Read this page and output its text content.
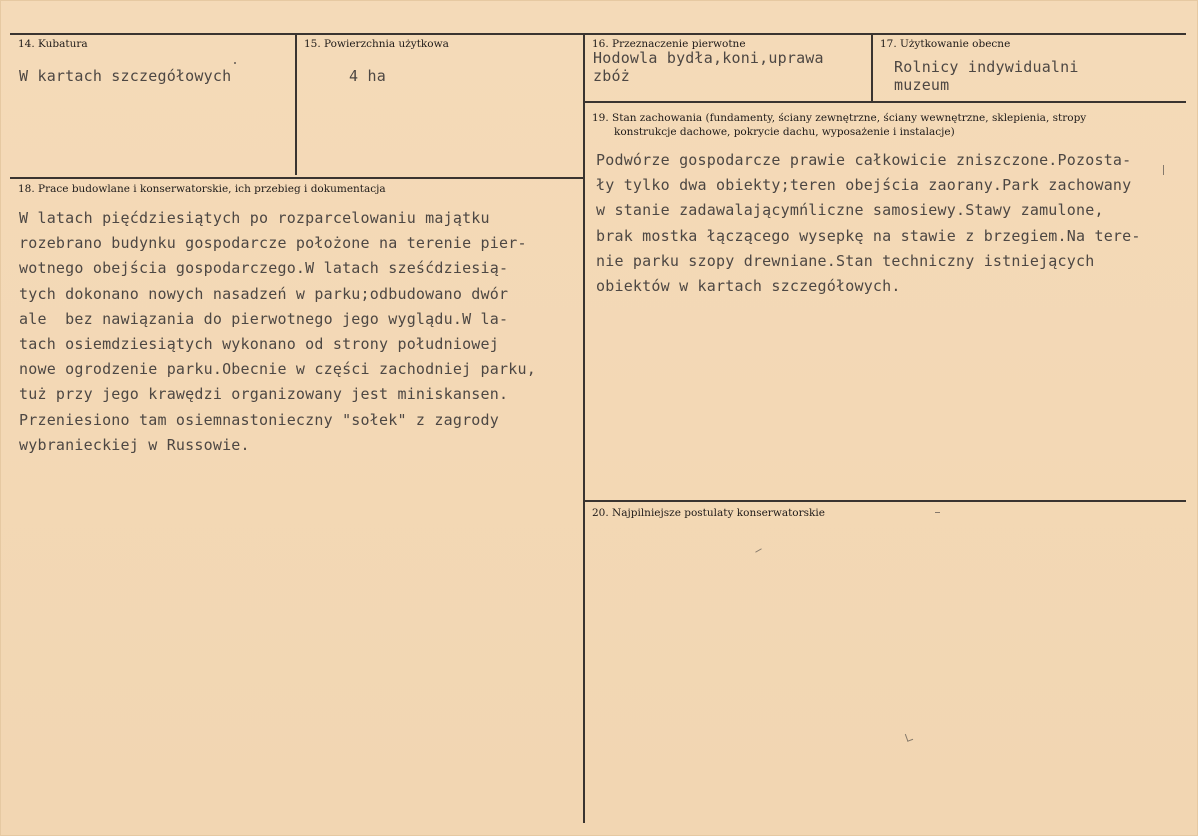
14. Kubatura
W kartach szczegółowych
15. Powierzchnia użytkowa
4 ha
16. Przeznaczenie pierwotne
Hodowla bydła,koni,uprawa
zbóż
17. Użytkowanie obecne
Rolnicy indywidualni
muzeum
18. Prace budowlane i konserwatorskie, ich przebieg i dokumentacja
W latach pięćdziesiątych po rozparcelowaniu majątku
rozebrano budynku gospodarcze położone na terenie pier-
wotnego obejścia gospodarczego.W latach sześćdziesią-
tych dokonano nowych nasadzeń w parku;odbudowano dwór
ale  bez nawiązania do pierwotnego jego wyglądu.W la-
tach osiemdziesiątych wykonano od strony południowej
nowe ogrodzenie parku.Obecnie w części zachodniej parku,
tuż przy jego krawędzi organizowany jest miniskansen.
Przeniesiono tam osiemnastonieczny "sołek" z zagrody
wybranieckiej w Russowie.
19. Stan zachowania (fundamenty, ściany zewnętrzne, ściany wewnętrzne, sklepienia, stropy
konstrukcje dachowe, pokrycie dachu, wyposażenie i instalacje)
Podwórze gospodarcze prawie całkowicie zniszczone.Pozosta-
ły tylko dwa obiekty;teren obejścia zaorany.Park zachowany
w stanie zadawalającymńliczne samosiewy.Stawy zamulone,
brak mostka łączącego wysepkę na stawie z brzegiem.Na tere-
nie parku szopy drewniane.Stan techniczny istniejących
obiektów w kartach szczegółowych.
20. Najpilniejsze postulaty konserwatorskie
